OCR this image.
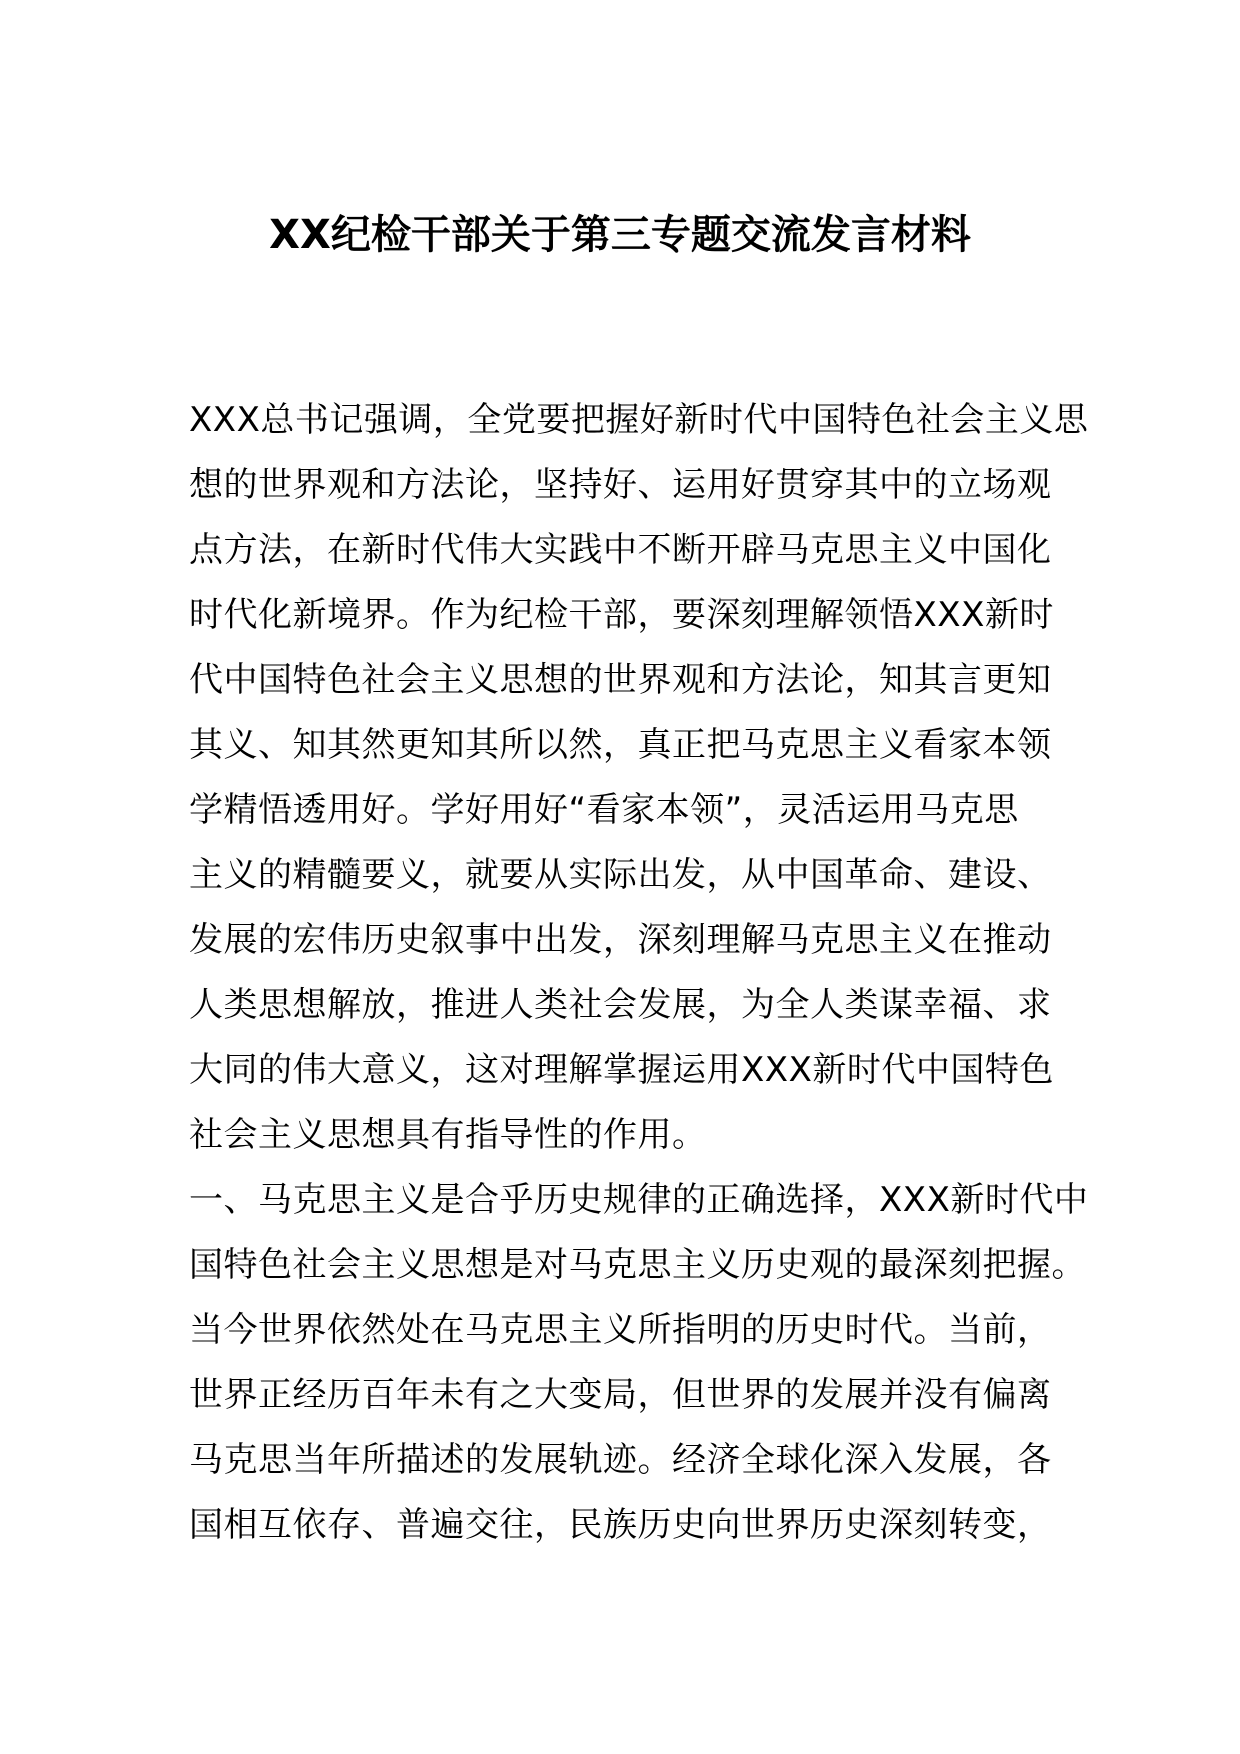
XX纪检干部关于第三专题交流发言材料
XXX总书记强调，全党要把握好新时代中国特色社会主义思
想的世界观和方法论，坚持好、运用好贯穿其中的立场观
点方法，在新时代伟大实践中不断开辟马克思主义中国化
时代化新境界。作为纪检干部，要深刻理解领悟XXX新时
代中国特色社会主义思想的世界观和方法论，知其言更知
其义、知其然更知其所以然，真正把马克思主义看家本领
学精悟透用好。学好用好“看家本领”，灵活运用马克思
主义的精髓要义，就要从实际出发，从中国革命、建设、
发展的宏伟历史叙事中出发，深刻理解马克思主义在推动
人类思想解放，推进人类社会发展，为全人类谋幸福、求
大同的伟大意义，这对理解掌握运用XXX新时代中国特色
社会主义思想具有指导性的作用。
一、马克思主义是合乎历史规律的正确选择，XXX新时代中
国特色社会主义思想是对马克思主义历史观的最深刻把握。
当今世界依然处在马克思主义所指明的历史时代。当前，
世界正经历百年未有之大变局，但世界的发展并没有偏离
马克思当年所描述的发展轨迹。经济全球化深入发展，各
国相互依存、普遍交往，民族历史向世界历史深刻转变，
